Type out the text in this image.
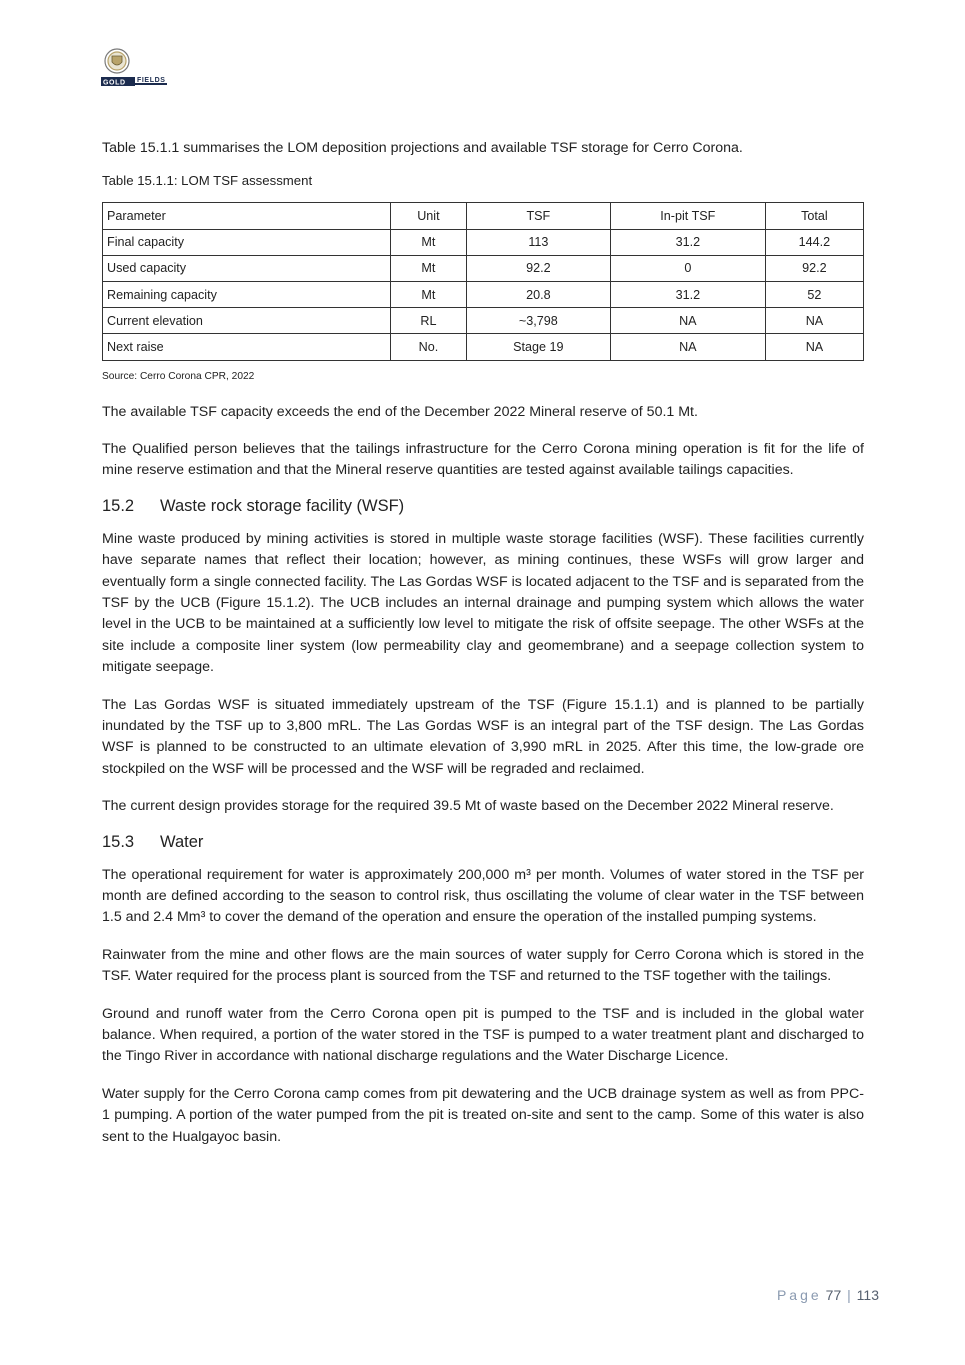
GOLD FIELDS

Table 15.1.1 summarises the LOM deposition projections and available TSF storage for Cerro Corona.

Table 15.1.1: LOM TSF assessment
Parameter	Unit	TSF	In-pit TSF	Total
Final capacity	Mt	113	31.2	144.2
Used capacity	Mt	92.2	0	92.2
Remaining capacity	Mt	20.8	31.2	52
Current elevation	RL	~3,798	NA	NA
Next raise	No.	Stage 19	NA	NA
Source: Cerro Corona CPR, 2022

The available TSF capacity exceeds the end of the December 2022 Mineral reserve of 50.1 Mt.

The Qualified person believes that the tailings infrastructure for the Cerro Corona mining operation is fit for the life of mine reserve estimation and that the Mineral reserve quantities are tested against available tailings capacities.

15.2 Waste rock storage facility (WSF)

Mine waste produced by mining activities is stored in multiple waste storage facilities (WSF). These facilities currently have separate names that reflect their location; however, as mining continues, these WSFs will grow larger and eventually form a single connected facility. The Las Gordas WSF is located adjacent to the TSF and is separated from the TSF by the UCB (Figure 15.1.2). The UCB includes an internal drainage and pumping system which allows the water level in the UCB to be maintained at a sufficiently low level to mitigate the risk of offsite seepage. The other WSFs at the site include a composite liner system (low permeability clay and geomembrane) and a seepage collection system to mitigate seepage.

The Las Gordas WSF is situated immediately upstream of the TSF (Figure 15.1.1) and is planned to be partially inundated by the TSF up to 3,800 mRL. The Las Gordas WSF is an integral part of the TSF design. The Las Gordas WSF is planned to be constructed to an ultimate elevation of 3,990 mRL in 2025. After this time, the low-grade ore stockpiled on the WSF will be processed and the WSF will be regraded and reclaimed.

The current design provides storage for the required 39.5 Mt of waste based on the December 2022 Mineral reserve.

15.3 Water

The operational requirement for water is approximately 200,000 m³ per month. Volumes of water stored in the TSF per month are defined according to the season to control risk, thus oscillating the volume of clear water in the TSF between 1.5 and 2.4 Mm³ to cover the demand of the operation and ensure the operation of the installed pumping systems.

Rainwater from the mine and other flows are the main sources of water supply for Cerro Corona which is stored in the TSF. Water required for the process plant is sourced from the TSF and returned to the TSF together with the tailings.

Ground and runoff water from the Cerro Corona open pit is pumped to the TSF and is included in the global water balance. When required, a portion of the water stored in the TSF is pumped to a water treatment plant and discharged to the Tingo River in accordance with national discharge regulations and the Water Discharge Licence.

Water supply for the Cerro Corona camp comes from pit dewatering and the UCB drainage system as well as from PPC-1 pumping. A portion of the water pumped from the pit is treated on-site and sent to the camp. Some of this water is also sent to the Hualgayoc basin.

Page 77 | 113
